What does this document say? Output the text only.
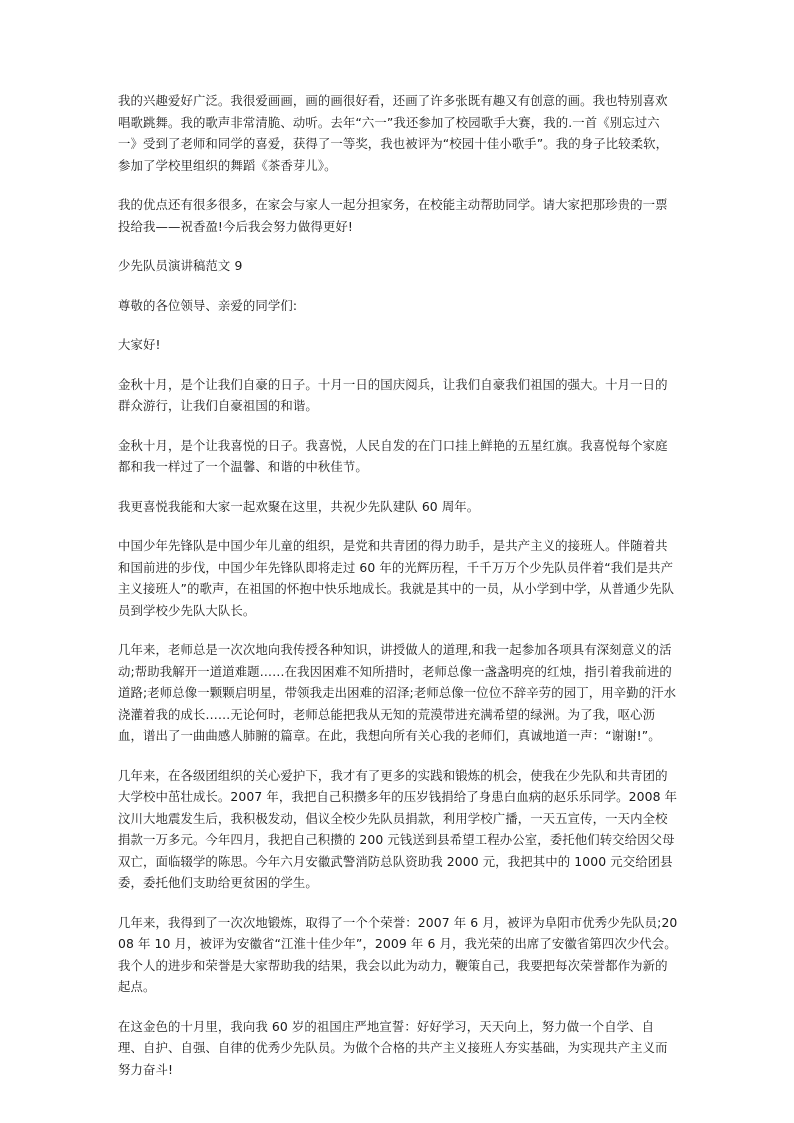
我的兴趣爱好广泛。我很爱画画，画的画很好看，还画了许多张既有趣又有创意的画。我也特别喜欢唱歌跳舞。我的歌声非常清脆、动听。去年“六一”我还参加了校园歌手大赛，我的.一首《别忘过六一》受到了老师和同学的喜爱，获得了一等奖，我也被评为“校园十佳小歌手”。我的身子比较柔软，参加了学校里组织的舞蹈《茶香芽儿》。

我的优点还有很多很多，在家会与家人一起分担家务，在校能主动帮助同学。请大家把那珍贵的一票投给我——祝香盈!今后我会努力做得更好!

少先队员演讲稿范文 9

尊敬的各位领导、亲爱的同学们:

大家好!

金秋十月，是个让我们自豪的日子。十月一日的国庆阅兵，让我们自豪我们祖国的强大。十月一日的群众游行，让我们自豪祖国的和谐。

金秋十月，是个让我喜悦的日子。我喜悦，人民自发的在门口挂上鲜艳的五星红旗。我喜悦每个家庭都和我一样过了一个温馨、和谐的中秋佳节。

我更喜悦我能和大家一起欢聚在这里，共祝少先队建队 60 周年。

中国少年先锋队是中国少年儿童的组织，是党和共青团的得力助手，是共产主义的接班人。伴随着共和国前进的步伐，中国少年先锋队即将走过 60 年的光辉历程，千千万万个少先队员伴着“我们是共产主义接班人”的歌声，在祖国的怀抱中快乐地成长。我就是其中的一员，从小学到中学，从普通少先队员到学校少先队大队长。

几年来，老师总是一次次地向我传授各种知识，讲授做人的道理,和我一起参加各项具有深刻意义的活动;帮助我解开一道道难题……在我因困难不知所措时，老师总像一盏盏明亮的红烛，指引着我前进的道路;老师总像一颗颗启明星，带领我走出困难的沼泽;老师总像一位位不辞辛劳的园丁，用辛勤的汗水浇灌着我的成长……无论何时，老师总能把我从无知的荒漠带进充满希望的绿洲。为了我，呕心沥血，谱出了一曲曲感人肺腑的篇章。在此，我想向所有关心我的老师们，真诚地道一声：“谢谢!”。

几年来，在各级团组织的关心爱护下，我才有了更多的实践和锻炼的机会，使我在少先队和共青团的大学校中茁壮成长。2007 年，我把自己积攒多年的压岁钱捐给了身患白血病的赵乐乐同学。2008 年汶川大地震发生后，我积极发动，倡议全校少先队员捐款，利用学校广播，一天五宣传，一天内全校捐款一万多元。今年四月，我把自己积攒的 200 元钱送到县希望工程办公室，委托他们转交给因父母双亡，面临辍学的陈思。今年六月安徽武警消防总队资助我 2000 元，我把其中的 1000 元交给团县委，委托他们支助给更贫困的学生。

几年来，我得到了一次次地锻炼，取得了一个个荣誉：2007 年 6 月，被评为阜阳市优秀少先队员;2008 年 10 月，被评为安徽省“江淮十佳少年”，2009 年 6 月，我光荣的出席了安徽省第四次少代会。我个人的进步和荣誉是大家帮助我的结果，我会以此为动力，鞭策自己，我要把每次荣誉都作为新的起点。

在这金色的十月里，我向我 60 岁的祖国庄严地宣誓：好好学习，天天向上，努力做一个自学、自理、自护、自强、自律的优秀少先队员。为做个合格的共产主义接班人夯实基础，为实现共产主义而努力奋斗!
